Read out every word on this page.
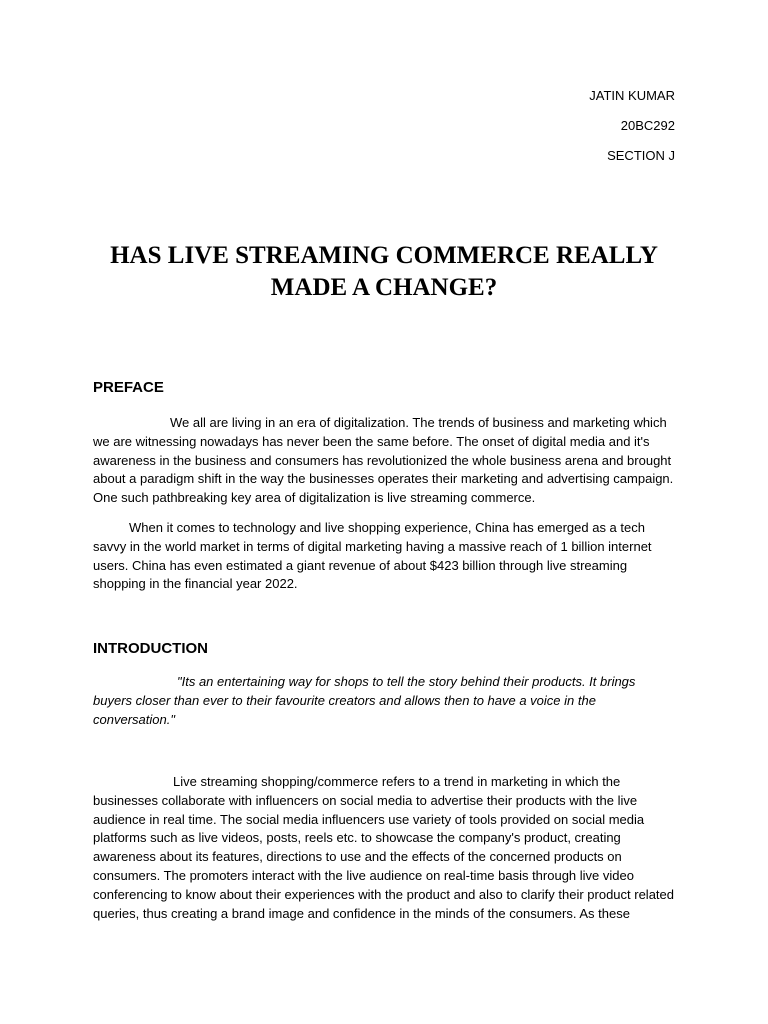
JATIN KUMAR
20BC292
SECTION J
HAS LIVE STREAMING COMMERCE REALLY
MADE A CHANGE?
PREFACE

We all are living in an era of digitalization. The trends of business and marketing which we are witnessing nowadays has never been the same before. The onset of digital media and it's awareness in the business and consumers has revolutionized the whole business arena and brought about a paradigm shift in the way the businesses operates their marketing and advertising campaign. One such pathbreaking key area of digitalization is live streaming commerce.

When it comes to technology and live shopping experience, China has emerged as a tech savvy in the world market in terms of digital marketing having a massive reach of 1 billion internet users. China has even estimated a giant revenue of about $423 billion through live streaming shopping in the financial year 2022.

INTRODUCTION

"Its an entertaining way for shops to tell the story behind their products. It brings buyers closer than ever to their favourite creators and allows then to have a voice in the conversation."

Live streaming shopping/commerce refers to a trend in marketing in which the businesses collaborate with influencers on social media to advertise their products with the live audience in real time. The social media influencers use variety of tools provided on social media platforms such as live videos, posts, reels etc. to showcase the company's product, creating awareness about its features, directions to use and the effects of the concerned products on consumers. The promoters interact with the live audience on real-time basis through live video conferencing to know about their experiences with the product and also to clarify their product related queries, thus creating a brand image and confidence in the minds of the consumers. As these
